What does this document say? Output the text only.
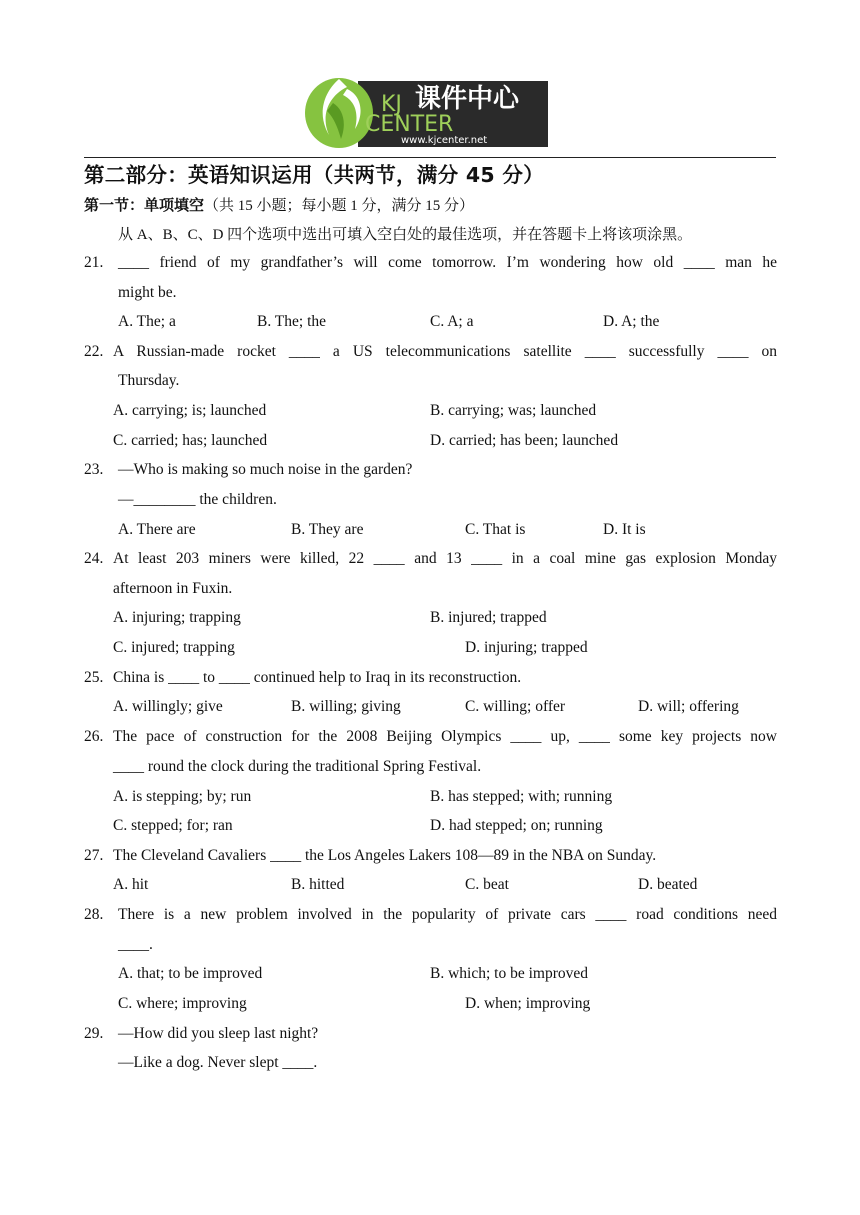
课件中心
KJ
CENTER
www.kjcenter.net
第二部分：英语知识运用（共两节，满分 45 分）
第一节：单项填空（共 15 小题；每小题 1 分，满分 15 分）
从 A、B、C、D 四个选项中选出可填入空白处的最佳选项，并在答题卡上将该项涂黑。
21. ____ friend of my grandfather’s will come tomorrow. I’m wondering how old ____ man he
might be.
A. The; a	B. The; the	C. A; a	D. A; the
22. A Russian-made rocket ____ a US telecommunications satellite ____ successfully ____ on
Thursday.
A. carrying; is; launched	B. carrying; was; launched
C. carried; has; launched	D. carried; has been; launched
23. —Who is making so much noise in the garden?
—________ the children.
A. There are	B. They are	C. That is	D. It is
24. At least 203 miners were killed, 22 ____ and 13 ____ in a coal mine gas explosion Monday
afternoon in Fuxin.
A. injuring; trapping	B. injured; trapped
C. injured; trapping	D. injuring; trapped
25. China is ____ to ____ continued help to Iraq in its reconstruction.
A. willingly; give	B. willing; giving	C. willing; offer	D. will; offering
26. The pace of construction for the 2008 Beijing Olympics ____ up, ____ some key projects now
____ round the clock during the traditional Spring Festival.
A. is stepping; by; run	B. has stepped; with; running
C. stepped; for; ran	D. had stepped; on; running
27. The Cleveland Cavaliers ____ the Los Angeles Lakers 108—89 in the NBA on Sunday.
A. hit	B. hitted	C. beat	D. beated
28. There is a new problem involved in the popularity of private cars ____ road conditions need
____.
A. that; to be improved	B. which; to be improved
C. where; improving	D. when; improving
29. —How did you sleep last night?
—Like a dog. Never slept ____.
